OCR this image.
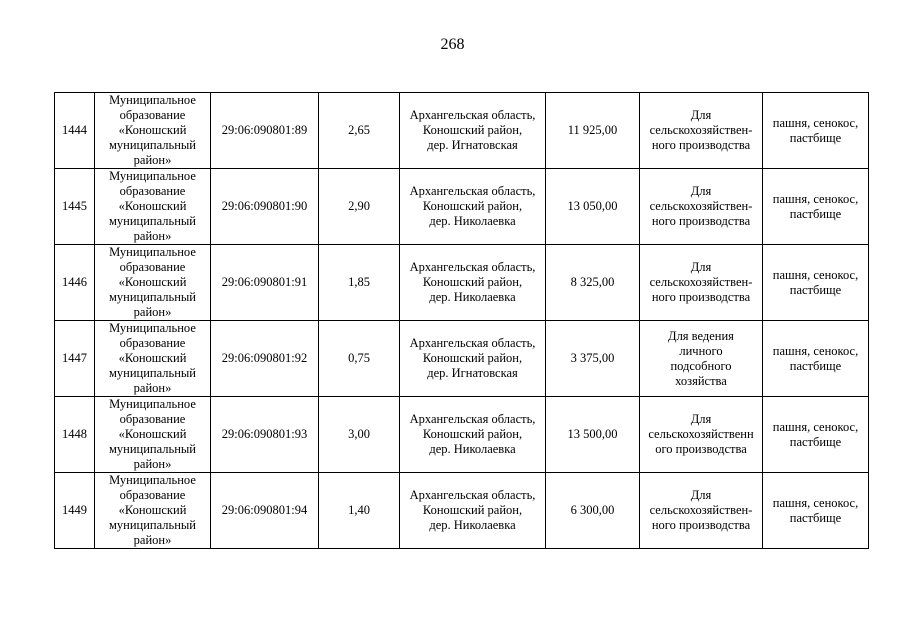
268
1444	Муниципальное
образование
«Коношский
муниципальный
район»	29:06:090801:89	2,65	Архангельская область,
Коношский район,
дер. Игнатовская	11 925,00	Для
сельскохозяйствен-
ного производства	пашня, сенокос,
пастбище

1445	Муниципальное
образование
«Коношский
муниципальный
район»	29:06:090801:90	2,90	Архангельская область,
Коношский район,
дер. Николаевка	13 050,00	Для
сельскохозяйствен-
ного производства	пашня, сенокос,
пастбище

1446	Муниципальное
образование
«Коношский
муниципальный
район»	29:06:090801:91	1,85	Архангельская область,
Коношский район,
дер. Николаевка	8 325,00	Для
сельскохозяйствен-
ного производства	пашня, сенокос,
пастбище

1447	Муниципальное
образование
«Коношский
муниципальный
район»	29:06:090801:92	0,75	Архангельская область,
Коношский район,
дер. Игнатовская	3 375,00	Для ведения
личного
подсобного
хозяйства	пашня, сенокос,
пастбище

1448	Муниципальное
образование
«Коношский
муниципальный
район»	29:06:090801:93	3,00	Архангельская область,
Коношский район,
дер. Николаевка	13 500,00	Для
сельскохозяйственн
ого производства	пашня, сенокос,
пастбище

1449	Муниципальное
образование
«Коношский
муниципальный
район»	29:06:090801:94	1,40	Архангельская область,
Коношский район,
дер. Николаевка	6 300,00	Для
сельскохозяйствен-
ного производства	пашня, сенокос,
пастбище
